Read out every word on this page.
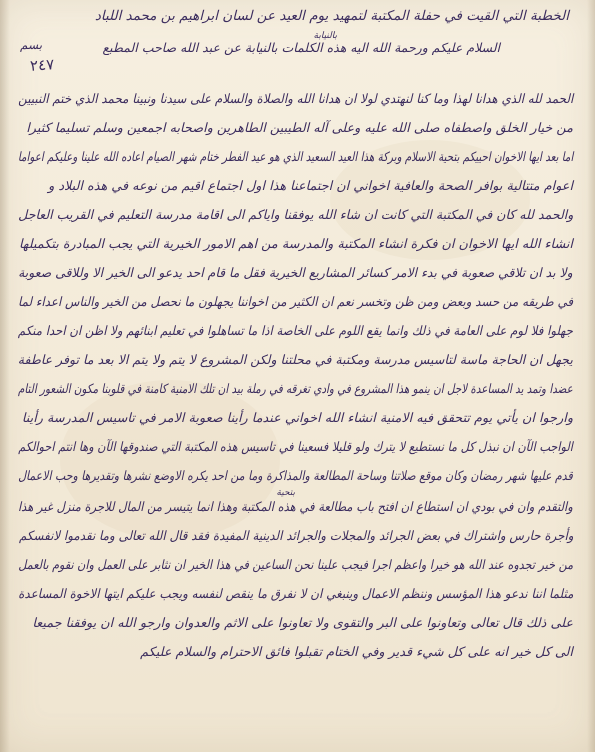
الخطبة التي القيت في حفلة المكتبة لتمهيد يوم العيد عن لسان ابراهيم بن محمد اللباد
بسم
بالنيابة
السلام عليكم ورحمة الله اليه هذه الكلمات بالنيابة عن عبد الله صاحب المطبع
٢٤٧
الحمد لله الذي هدانا لهذا وما كنا لنهتدي لولا ان هدانا الله والصلاة والسلام على سيدنا ونبينا محمد الذي ختم النبيين
من خيار الخلق واصطفاه صلى الله عليه وعلى آله الطيبين الطاهرين واصحابه اجمعين وسلم تسليما كثيرا
اما بعد ايها الاخوان احييكم بتحية الاسلام وبركة هذا العيد السعيد الذي هو عيد الفطر ختام شهر الصيام اعاده الله علينا وعليكم اعواما
اعوام متتالية بوافر الصحة والعافية اخواني ان اجتماعنا هذا اول اجتماع اقيم من نوعه في هذه البلاد و
والحمد لله كان في المكتبة التي كانت ان شاء الله يوفقنا واياكم الى اقامة مدرسة التعليم في القريب العاجل
انشاء الله ايها الاخوان ان فكرة انشاء المكتبة والمدرسة من اهم الامور الخيرية التي يجب المبادرة بتكميلها
ولا بد ان تلاقي صعوبة في بدء الامر كسائر المشاريع الخيرية فقل ما قام احد يدعو الى الخير الا وللاقى صعوبة
في طريقه من حسد وبعض ومن ظن وتخسر نعم ان الكثير من اخواننا يجهلون ما نحصل من الخير والناس اعداء لما
جهلوا فلا لوم على العامة في ذلك وانما يقع اللوم على الخاصة اذا ما تساهلوا في تعليم ابنائهم ولا اظن ان احدا منكم
يجهل ان الحاجة ماسة لتاسيس مدرسة ومكتبة في محلتنا ولكن المشروع لا يتم ولا يتم الا بعد ما توفر عاطفة
عضدا وتمد يد المساعدة لاجل ان ينمو هذا المشروع في وادي تغرقه في رملة بيد ان تلك الامنية كامنة في قلوبنا مكون الشعور التام
وارجوا ان يأتي يوم تتحقق فيه الامنية انشاء الله اخواني عندما رأينا صعوبة الامر في تاسيس المدرسة رأينا
الواجب الآن ان نبذل كل ما نستطيع لا يترك ولو قليلا فسعينا في تاسيس هذه المكتبة التي صندوقها الآن وها انتم احوالكم
قدم عليها شهر رمضان وكان موقع صلاتنا وساحة المطالعة والمذاكرة وما من احد يكره الاوضع نشرها وتقديرها وحب الاعمال
بتحية
والتقدم وان في بودي ان استطاع ان افتح باب مطالعة في هذه المكتبة وهذا انما يتيسر من المال للاجرة منزل غير هذا
وأجرة حارس واشتراك في بعض الجرائد والمجلات والجرائد الدينية المفيدة فقد قال الله تعالى وما نقدموا لانفسكم
من خير تجدوه عند الله هو خيرا واعظم اجرا فيجب علينا نحن الساعين في هذا الخير ان نثابر على العمل وان نقوم بالعمل
مثلما اننا ندعو هذا المؤسس وننظم الاعمال وينبغي ان لا نفرق ما ينقص لنفسه ويجب عليكم ايتها الاخوة المساعدة
على ذلك قال تعالى وتعاونوا على البر والتقوى ولا تعاونوا على الاثم والعدوان وارجو الله ان يوفقنا جميعا
الى كل خير انه على كل شيء قدير وفي الختام تقبلوا فائق الاحترام والسلام عليكم
